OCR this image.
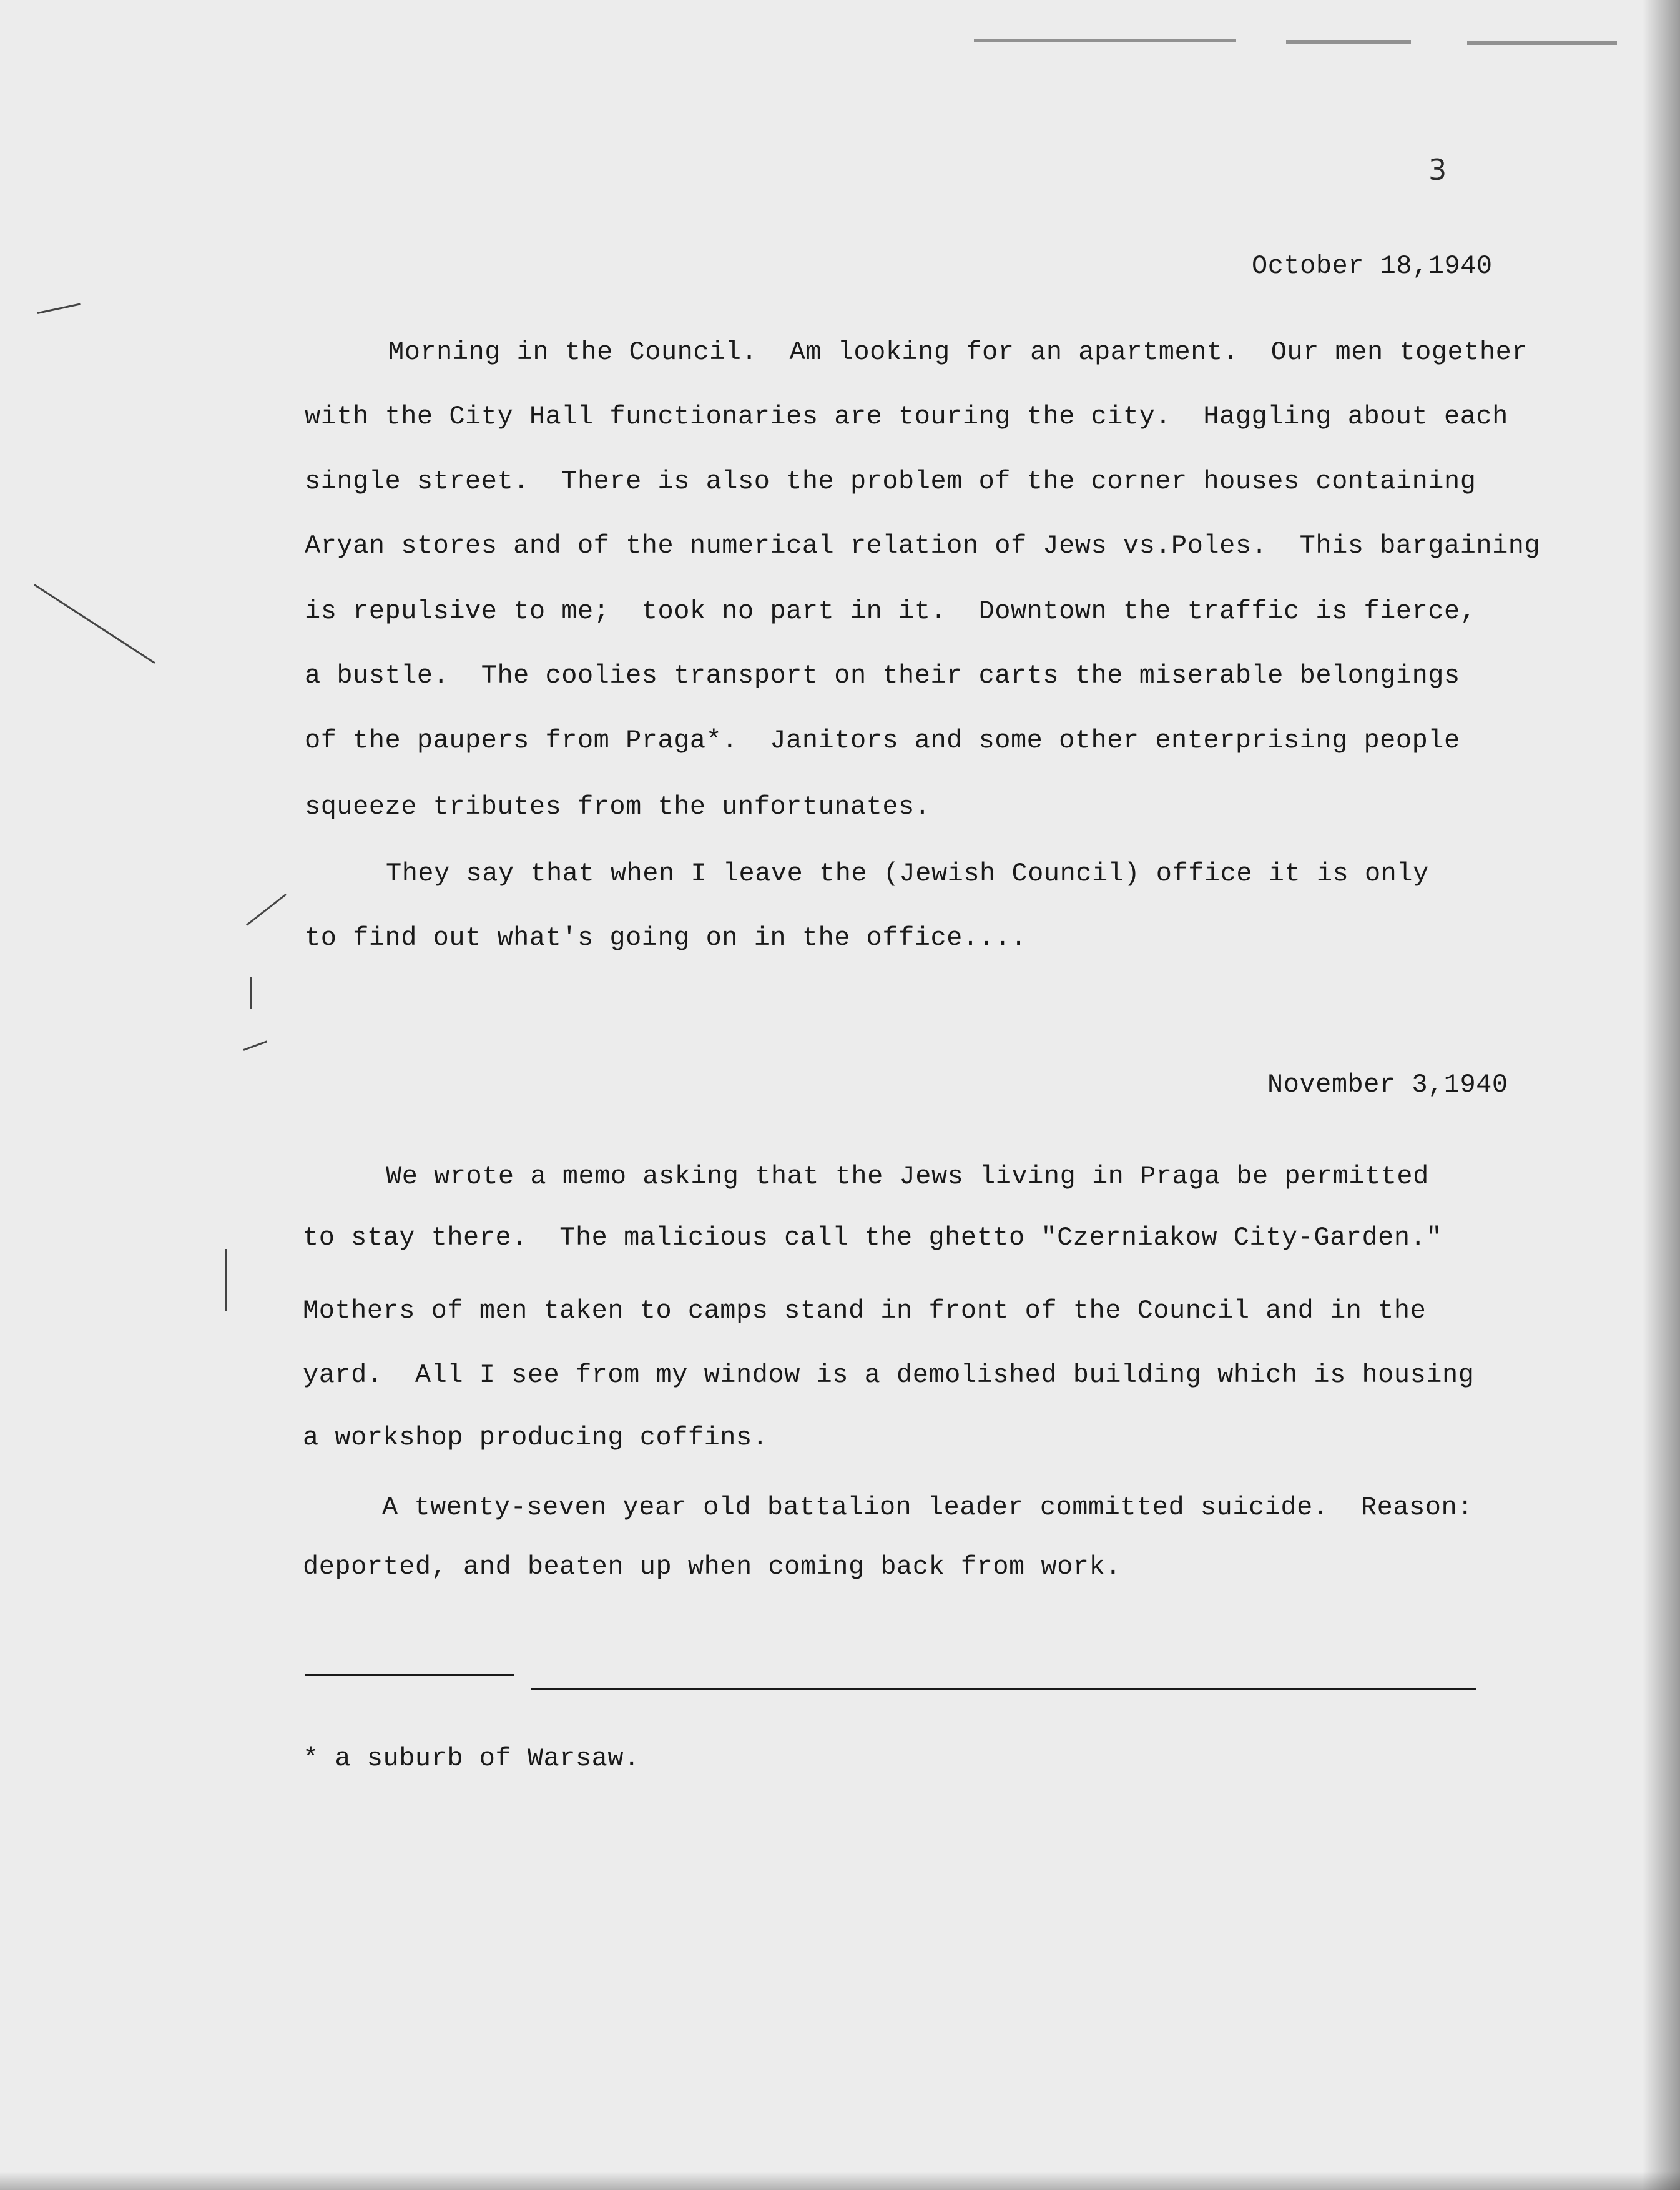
3
October 18,1940
Morning in the Council.  Am looking for an apartment.  Our men together
with the City Hall functionaries are touring the city.  Haggling about each
single street.  There is also the problem of the corner houses containing
Aryan stores and of the numerical relation of Jews vs.Poles.  This bargaining
is repulsive to me;  took no part in it.  Downtown the traffic is fierce,
a bustle.  The coolies transport on their carts the miserable belongings
of the paupers from Praga*.  Janitors and some other enterprising people
squeeze tributes from the unfortunates.
They say that when I leave the (Jewish Council) office it is only
to find out what's going on in the office....
November 3,1940
We wrote a memo asking that the Jews living in Praga be permitted
to stay there.  The malicious call the ghetto "Czerniakow City-Garden."
Mothers of men taken to camps stand in front of the Council and in the
yard.  All I see from my window is a demolished building which is housing
a workshop producing coffins.
A twenty-seven year old battalion leader committed suicide.  Reason:
deported, and beaten up when coming back from work.
* a suburb of Warsaw.
